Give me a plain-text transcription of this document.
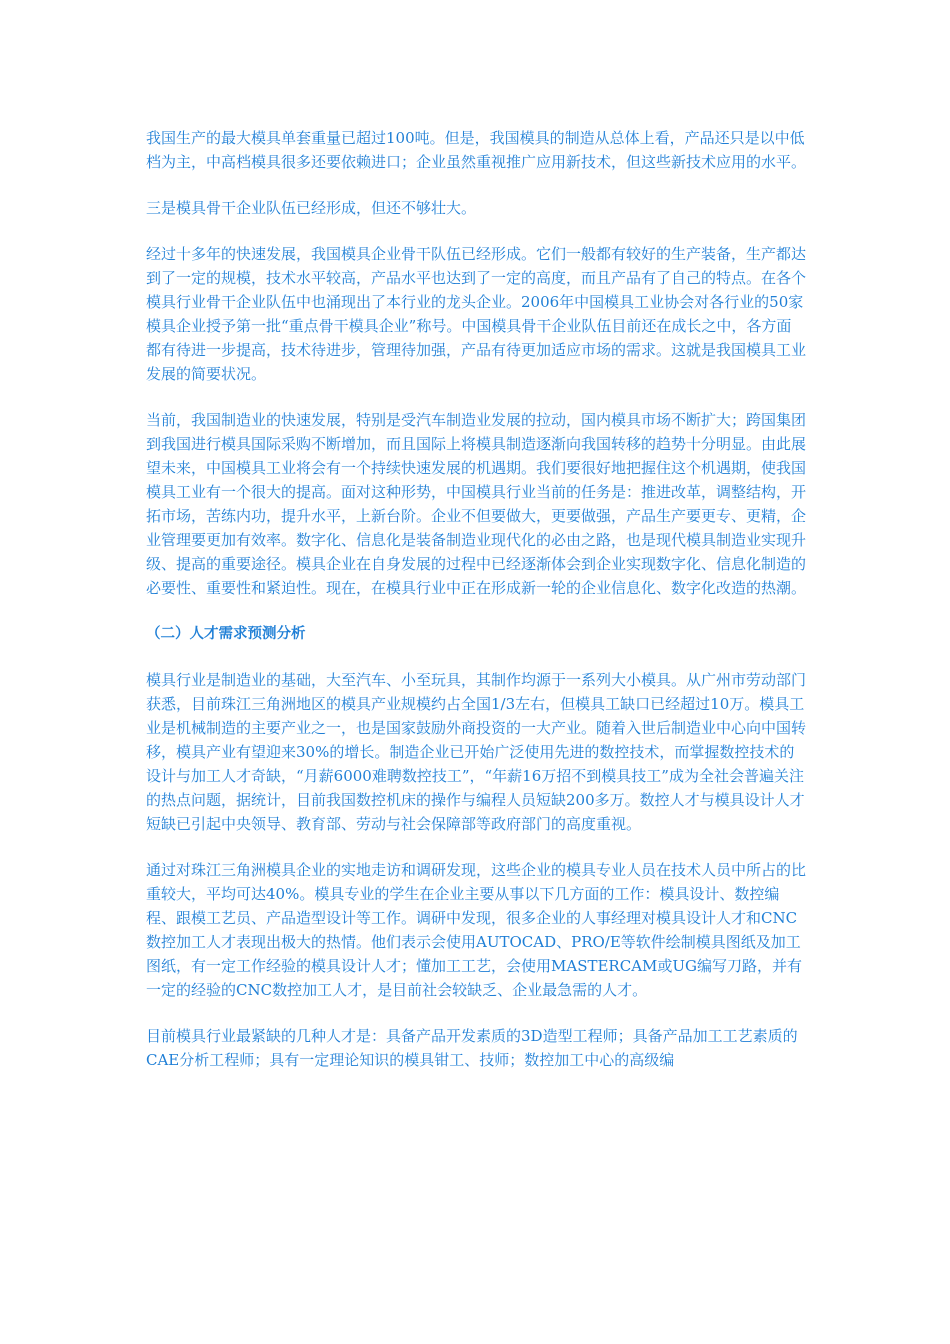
我国生产的最大模具单套重量已超过100吨。但是，我国模具的制造从总体上看，产品还只是以中低档为主，中高档模具很多还要依赖进口；企业虽然重视推广应用新技术，但这些新技术应用的水平。

三是模具骨干企业队伍已经形成，但还不够壮大。

经过十多年的快速发展，我国模具企业骨干队伍已经形成。它们一般都有较好的生产装备，生产都达到了一定的规模，技术水平较高，产品水平也达到了一定的高度，而且产品有了自己的特点。在各个模具行业骨干企业队伍中也涌现出了本行业的龙头企业。2006年中国模具工业协会对各行业的50家模具企业授予第一批“重点骨干模具企业”称号。中国模具骨干企业队伍目前还在成长之中，各方面都有待进一步提高，技术待进步，管理待加强，产品有待更加适应市场的需求。这就是我国模具工业发展的简要状况。

当前，我国制造业的快速发展，特别是受汽车制造业发展的拉动，国内模具市场不断扩大；跨国集团到我国进行模具国际采购不断增加，而且国际上将模具制造逐渐向我国转移的趋势十分明显。由此展望未来，中国模具工业将会有一个持续快速发展的机遇期。我们要很好地把握住这个机遇期，使我国模具工业有一个很大的提高。面对这种形势，中国模具行业当前的任务是：推进改革，调整结构，开拓市场，苦练内功，提升水平，上新台阶。企业不但要做大，更要做强，产品生产要更专、更精，企业管理要更加有效率。数字化、信息化是装备制造业现代化的必由之路，也是现代模具制造业实现升级、提高的重要途径。模具企业在自身发展的过程中已经逐渐体会到企业实现数字化、信息化制造的必要性、重要性和紧迫性。现在，在模具行业中正在形成新一轮的企业信息化、数字化改造的热潮。

（二）人才需求预测分析

模具行业是制造业的基础，大至汽车、小至玩具，其制作均源于一系列大小模具。从广州市劳动部门获悉，目前珠江三角洲地区的模具产业规模约占全国1/3左右，但模具工缺口已经超过10万。模具工业是机械制造的主要产业之一，也是国家鼓励外商投资的一大产业。随着入世后制造业中心向中国转移，模具产业有望迎来30%的增长。制造企业已开始广泛使用先进的数控技术，而掌握数控技术的设计与加工人才奇缺，“月薪6000难聘数控技工”，“年薪16万招不到模具技工”成为全社会普遍关注的热点问题，据统计，目前我国数控机床的操作与编程人员短缺200多万。数控人才与模具设计人才短缺已引起中央领导、教育部、劳动与社会保障部等政府部门的高度重视。

通过对珠江三角洲模具企业的实地走访和调研发现，这些企业的模具专业人员在技术人员中所占的比重较大，平均可达40%。模具专业的学生在企业主要从事以下几方面的工作：模具设计、数控编程、跟模工艺员、产品造型设计等工作。调研中发现，很多企业的人事经理对模具设计人才和CNC数控加工人才表现出极大的热情。他们表示会使用AUTOCAD、PRO/E等软件绘制模具图纸及加工图纸，有一定工作经验的模具设计人才；懂加工工艺，会使用MASTERCAM或UG编写刀路，并有一定的经验的CNC数控加工人才，是目前社会较缺乏、企业最急需的人才。

目前模具行业最紧缺的几种人才是：具备产品开发素质的3D造型工程师；具备产品加工工艺素质的CAE分析工程师；具有一定理论知识的模具钳工、技师；数控加工中心的高级编
